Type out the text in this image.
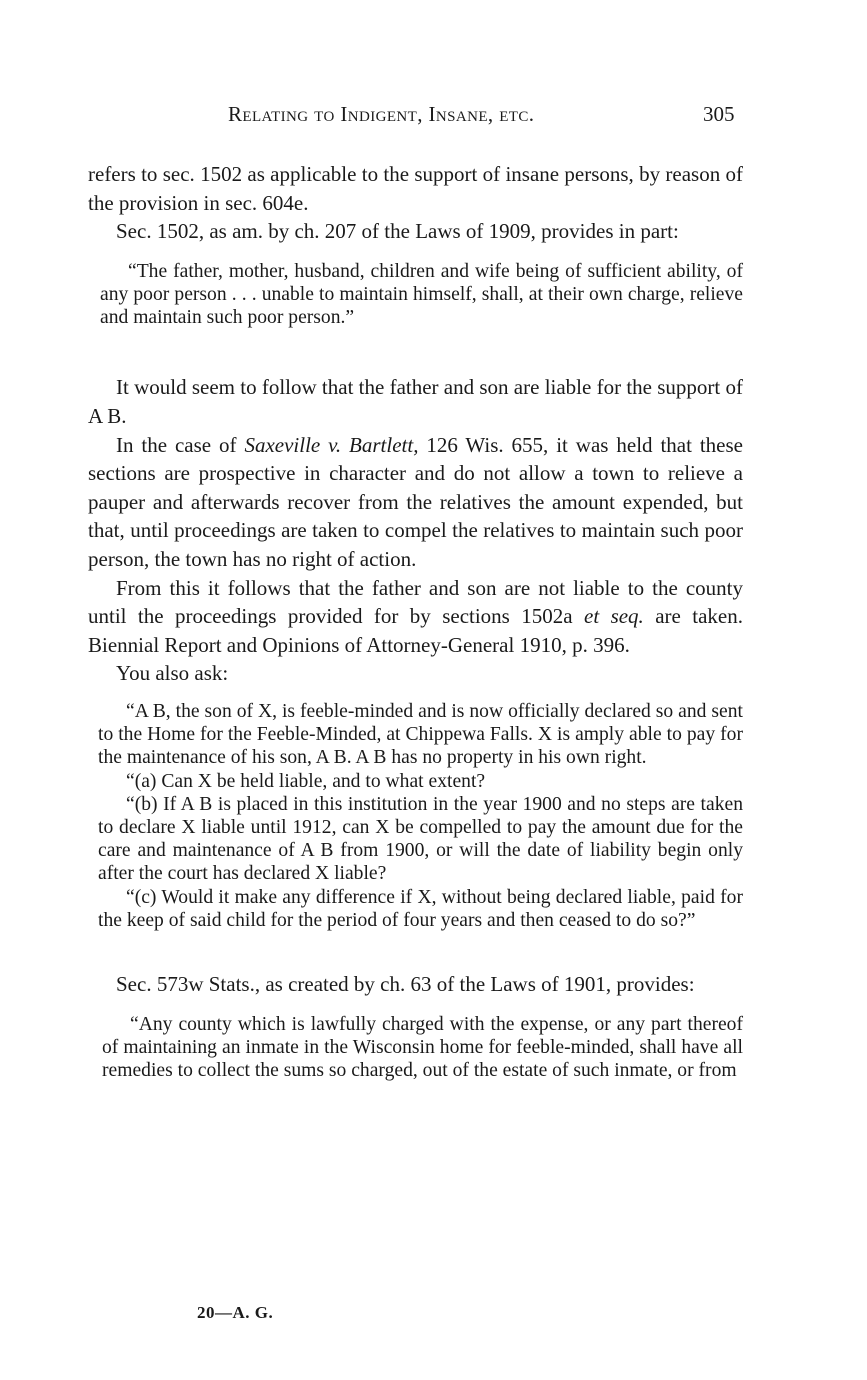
Relating to Indigent, Insane, etc.	305

refers to sec. 1502 as applicable to the support of insane persons, by reason of the provision in sec. 604e.

Sec. 1502, as am. by ch. 207 of the Laws of 1909, provides in part:

“The father, mother, husband, children and wife being of sufficient ability, of any poor person . . . unable to maintain himself, shall, at their own charge, relieve and maintain such poor person.”

It would seem to follow that the father and son are liable for the support of A B.

In the case of Saxeville v. Bartlett, 126 Wis. 655, it was held that these sections are prospective in character and do not allow a town to relieve a pauper and afterwards recover from the relatives the amount expended, but that, until proceedings are taken to compel the relatives to maintain such poor person, the town has no right of action.

From this it follows that the father and son are not liable to the county until the proceedings provided for by sections 1502a et seq. are taken. Biennial Report and Opinions of Attorney-General 1910, p. 396.

You also ask:

“A B, the son of X, is feeble-minded and is now officially declared so and sent to the Home for the Feeble-Minded, at Chippewa Falls. X is amply able to pay for the maintenance of his son, A B. A B has no property in his own right.

“(a) Can X be held liable, and to what extent?

“(b) If A B is placed in this institution in the year 1900 and no steps are taken to declare X liable until 1912, can X be compelled to pay the amount due for the care and maintenance of A B from 1900, or will the date of liability begin only after the court has declared X liable?

“(c) Would it make any difference if X, without being declared liable, paid for the keep of said child for the period of four years and then ceased to do so?”

Sec. 573w Stats., as created by ch. 63 of the Laws of 1901, provides:

“Any county which is lawfully charged with the expense, or any part thereof of maintaining an inmate in the Wisconsin home for feeble-minded, shall have all remedies to collect the sums so charged, out of the estate of such inmate, or from

20—A. G.
